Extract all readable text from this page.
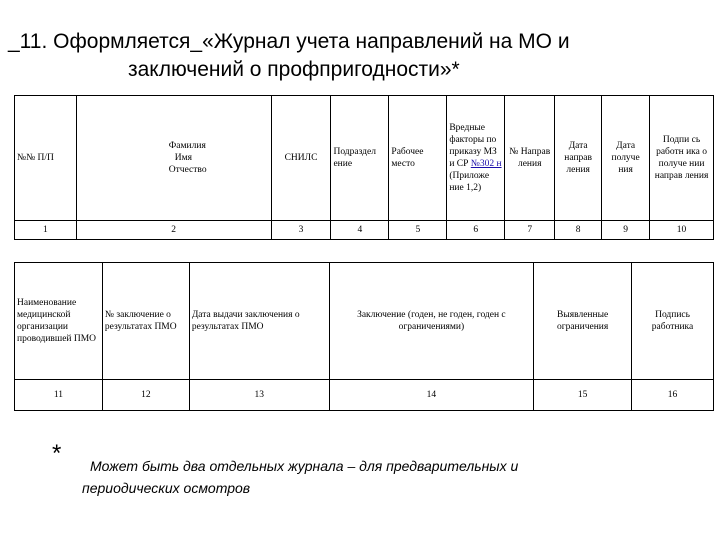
_11. Оформляется_«Журнал учета направлений на МО и
заключений о профпригодности»*
№№ П/П	Фамилия
Имя
Отчество	СНИЛС	Подраздел ение	Рабочее место	Вредные факторы по приказу МЗ и СР №302 н (Приложе ние 1,2)	№ Направ ления	Дата направ ления	Дата получе ния	Подпи сь работн ика о получе нии направ ления
1	2	3	4	5	6	7	8	9	10
Наименование медицинской организации проводившей ПМО	№ заключение о результатах ПМО	Дата выдачи заключения о результатах ПМО	Заключение (годен, не годен, годен с ограничениями)	Выявленные ограничения	Подпись работника
11	12	13	14	15	16
*	Может быть два отдельных журнала – для предварительных и
периодических осмотров
